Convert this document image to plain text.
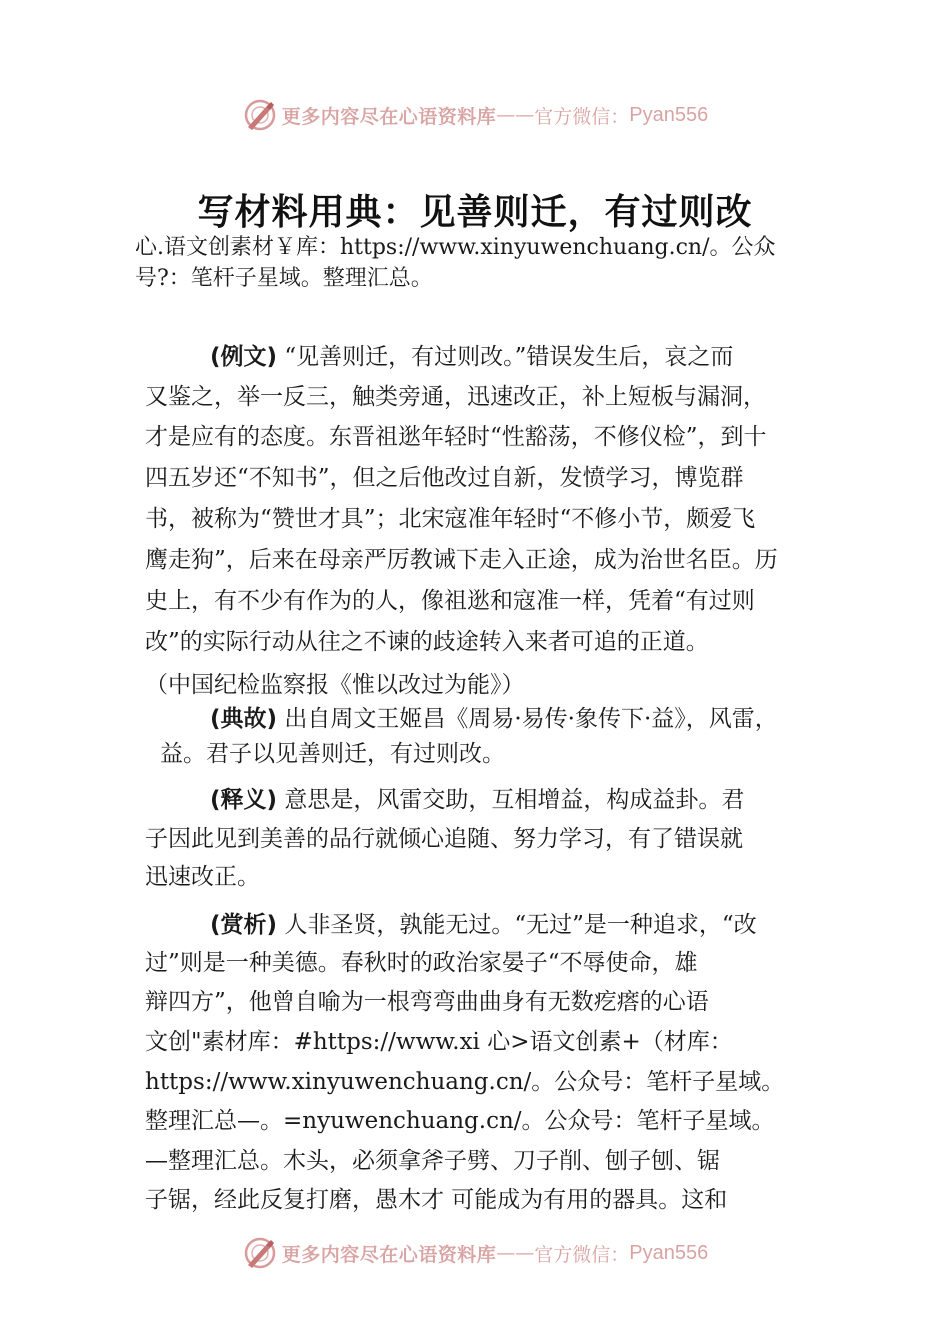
更多内容尽在心语资料库 —— 官方微信： Pyan556
写材料用典：见善则迁，有过则改
心.语文创素材￥库：https://www.xinyuwenchuang.cn/。公众号?：笔杆子星域。整理汇总。
(例文) “见善则迁，有过则改。”错误发生后，哀之而
又鉴之，举一反三，触类旁通，迅速改正，补上短板与漏洞，
才是应有的态度。东晋祖逖年轻时“性豁荡，不修仪检”，到十
四五岁还“不知书”，但之后他改过自新，发愤学习，博览群
书，被称为“赞世才具”；北宋寇准年轻时“不修小节，颇爱飞
鹰走狗”，后来在母亲严厉教诫下走入正途，成为治世名臣。历
史上，有不少有作为的人，像祖逖和寇准一样，凭着“有过则
改”的实际行动从往之不谏的歧途转入来者可追的正道。
（中国纪检监察报《惟以改过为能》）
(典故) 出自周文王姬昌《周易·易传·象传下·益》，风雷，
益。君子以见善则迁，有过则改。
(释义) 意思是，风雷交助，互相增益，构成益卦。君
子因此见到美善的品行就倾心追随、努力学习，有了错误就
迅速改正。
(赏析) 人非圣贤，孰能无过。“无过”是一种追求，“改
过”则是一种美德。春秋时的政治家晏子“不辱使命，雄
辩四方”，他曾自喻为一根弯弯曲曲身有无数疙瘩的心语
文创"素材库：#https://www.xi 心>语文创素+（材库：
https://www.xinyuwenchuang.cn/。公众号：笔杆子星域。
整理汇总—。=nyuwenchuang.cn/。公众号：笔杆子星域。
—整理汇总。木头，必须拿斧子劈、刀子削、刨子刨、锯
子锯，经此反复打磨，愚木才 可能成为有用的器具。这和
更多内容尽在心语资料库 —— 官方微信： Pyan556
